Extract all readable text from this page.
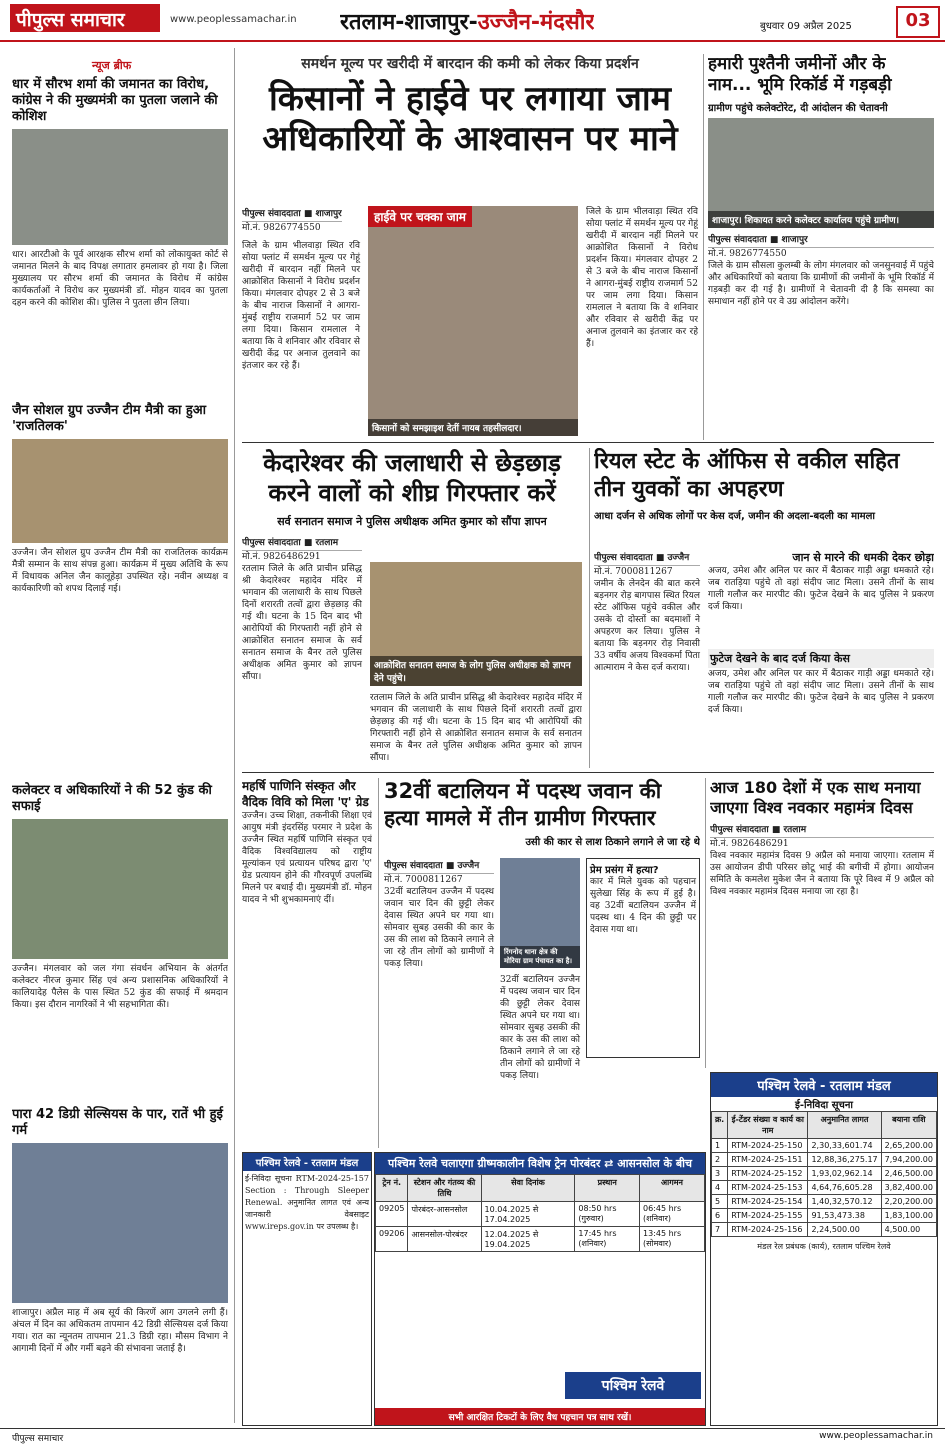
पीपुल्स समाचार	www.peoplessamachar.in रतलाम-शाजापुर-उज्जैन-मंदसौर	बुधवार 09 अप्रैल 2025	03
न्यूज ब्रीफ
धार में सौरभ शर्मा की जमानत का विरोध, कांग्रेस ने की मुख्यमंत्री का पुतला जलाने की कोशिश
धार। आरटीओ के पूर्व आरक्षक सौरभ शर्मा को लोकायुक्त कोर्ट से जमानत मिलने के बाद विपक्ष लगातार हमलावर हो गया है। जिला मुख्यालय पर सौरभ शर्मा की जमानत के विरोध में कांग्रेस कार्यकर्ताओं ने विरोध कर मुख्यमंत्री डॉ. मोहन यादव का पुतला दहन करने की कोशिश की। पुलिस ने पुतला छीन लिया।
जैन सोशल ग्रुप उज्जैन टीम मैत्री का हुआ 'राजतिलक'
उज्जैन। जैन सोशल ग्रुप उज्जैन टीम मैत्री का राजतिलक कार्यक्रम मैत्री सम्मान के साथ संपन्न हुआ। कार्यक्रम में मुख्य अतिथि के रूप में विधायक अनिल जैन कालूहेड़ा उपस्थित रहे। नवीन अध्यक्ष व कार्यकारिणी को शपथ दिलाई गई।
कलेक्टर व अधिकारियों ने की 52 कुंड की सफाई
उज्जैन। मंगलवार को जल गंगा संवर्धन अभियान के अंतर्गत कलेक्टर नीरज कुमार सिंह एवं अन्य प्रशासनिक अधिकारियों ने कालियादेह पैलेस के पास स्थित 52 कुंड की सफाई में श्रमदान किया। इस दौरान नागरिकों ने भी सहभागिता की।
पारा 42 डिग्री सेल्सियस के पार, रातें भी हुई गर्म
शाजापुर। अप्रैल माह में अब सूर्य की किरणें आग उगलने लगी हैं। अंचल में दिन का अधिकतम तापमान 42 डिग्री सेल्सियस दर्ज किया गया। रात का न्यूनतम तापमान 21.3 डिग्री रहा। मौसम विभाग ने आगामी दिनों में और गर्मी बढ़ने की संभावना जताई है।
समर्थन मूल्य पर खरीदी में बारदान की कमी को लेकर किया प्रदर्शन
किसानों ने हाईवे पर लगाया जाम अधिकारियों के आश्वासन पर माने
पीपुल्स संवाददाता ■ शाजापुर
मो.नं. 9826774550
जिले के ग्राम भीलवाड़ा स्थित रवि सोया फ्लांट में समर्थन मूल्य पर गेहूं खरीदी में बारदान नहीं मिलने पर आक्रोशित किसानों ने विरोध प्रदर्शन किया। मंगलवार दोपहर 2 से 3 बजे के बीच नाराज किसानों ने आगरा-मुंबई राष्ट्रीय राजमार्ग 52 पर जाम लगा दिया। किसान रामलाल ने बताया कि वे शनिवार और रविवार से खरीदी केंद्र पर अनाज तुलवाने का इंतजार कर रहे हैं।
किसानों को समझाइश देतीं नायब तहसीलदार।
हाईवे पर चक्का जाम	जिले के ग्राम भीलवाड़ा स्थित रवि सोया फ्लांट में समर्थन मूल्य पर गेहूं खरीदी में बारदान नहीं मिलने पर आक्रोशित किसानों ने विरोध प्रदर्शन किया। मंगलवार दोपहर 2 से 3 बजे के बीच नाराज किसानों ने आगरा-मुंबई राष्ट्रीय राजमार्ग 52 पर जाम लगा दिया। किसान रामलाल ने बताया कि वे शनिवार और रविवार से खरीदी केंद्र पर अनाज तुलवाने का इंतजार कर रहे हैं।
हमारी पुश्तैनी जमीनों और के नाम... भूमि रिकॉर्ड में गड़बड़ी
ग्रामीण पहुंचे कलेक्टोरेट, दी आंदोलन की चेतावनी
शाजापुर। शिकायत करने कलेक्टर कार्यालय पहुंचे ग्रामीण।
पीपुल्स संवाददाता ■ शाजापुर
मो.नं. 9826774550
जिले के ग्राम सौसला कुलम्बी के लोग मंगलवार को जनसुनवाई में पहुंचे और अधिकारियों को बताया कि ग्रामीणों की जमीनों के भूमि रिकॉर्ड में गड़बड़ी कर दी गई है। ग्रामीणों ने चेतावनी दी है कि समस्या का समाधान नहीं होने पर वे उग्र आंदोलन करेंगे।
केदारेश्वर की जलाधारी से छेड़छाड़ करने वालों को शीघ्र गिरफ्तार करें
सर्व सनातन समाज ने पुलिस अधीक्षक अमित कुमार को सौंपा ज्ञापन
पीपुल्स संवाददाता ■ रतलाम
मो.नं. 9826486291
रतलाम जिले के अति प्राचीन प्रसिद्ध श्री केदारेश्वर महादेव मंदिर में भगवान की जलाधारी के साथ पिछले दिनों शरारती तत्वों द्वारा छेड़छाड़ की गई थी। घटना के 15 दिन बाद भी आरोपियों की गिरफ्तारी नहीं होने से आक्रोशित सनातन समाज के सर्व सनातन समाज के बैनर तले पुलिस अधीक्षक अमित कुमार को ज्ञापन सौंपा।
आक्रोशित सनातन समाज के लोग पुलिस अधीक्षक को ज्ञापन देने पहुंचे।
रतलाम जिले के अति प्राचीन प्रसिद्ध श्री केदारेश्वर महादेव मंदिर में भगवान की जलाधारी के साथ पिछले दिनों शरारती तत्वों द्वारा छेड़छाड़ की गई थी। घटना के 15 दिन बाद भी आरोपियों की गिरफ्तारी नहीं होने से आक्रोशित सनातन समाज के सर्व सनातन समाज के बैनर तले पुलिस अधीक्षक अमित कुमार को ज्ञापन सौंपा।
रियल स्टेट के ऑफिस से वकील सहित तीन युवकों का अपहरण
आधा दर्जन से अधिक लोगों पर केस दर्ज, जमीन की अदला-बदली का मामला
पीपुल्स संवाददाता ■ उज्जैन
मो.नं. 7000811267
जमीन के लेनदेन की बात करने बड़नगर रोड़ बागपास स्थित रियल स्टेट ऑफिस पहुंचे वकील और उसके दो दोस्तों का बदमाशों ने अपहरण कर लिया। पुलिस ने बताया कि बड़नगर रोड़ निवासी 33 वर्षीय अजय विश्वकर्मा पिता आत्माराम ने केस दर्ज कराया।
जान से मारने की धमकी देकर छोड़ा
अजय, उमेश और अनिल पर कार में बैठाकर गाड़ी अड्डा धमकाते रहे। जब रातड़िया पहुंचे तो वहां संदीप जाट मिला। उसने तीनों के साथ गाली गलौज कर मारपीट की। फुटेज देखने के बाद पुलिस ने प्रकरण दर्ज किया।
फुटेज देखने के बाद दर्ज किया केस
अजय, उमेश और अनिल पर कार में बैठाकर गाड़ी अड्डा धमकाते रहे। जब रातड़िया पहुंचे तो वहां संदीप जाट मिला। उसने तीनों के साथ गाली गलौज कर मारपीट की। फुटेज देखने के बाद पुलिस ने प्रकरण दर्ज किया।
महर्षि पाणिनि संस्कृत और वैदिक विवि को मिला 'ए' ग्रेड
उज्जैन। उच्च शिक्षा, तकनीकी शिक्षा एवं आयुष मंत्री इंदरसिंह परमार ने प्रदेश के उज्जैन स्थित महर्षि पाणिनि संस्कृत एवं वैदिक विश्वविद्यालय को राष्ट्रीय मूल्यांकन एवं प्रत्यायन परिषद द्वारा 'ए' ग्रेड प्रत्यायन होने की गौरवपूर्ण उपलब्धि मिलने पर बधाई दी। मुख्यमंत्री डॉ. मोहन यादव ने भी शुभकामनाएं दीं।
32वीं बटालियन में पदस्थ जवान की हत्या मामले में तीन ग्रामीण गिरफ्तार
उसी की कार से लाश ठिकाने लगाने ले जा रहे थे
पीपुल्स संवाददाता ■ उज्जैन
मो.नं. 7000811267
32वीं बटालियन उज्जैन में पदस्थ जवान चार दिन की छुट्टी लेकर देवास स्थित अपने घर गया था। सोमवार सुबह उसकी की कार के उस की लाश को ठिकाने लगाने ले जा रहे तीन लोगों को ग्रामीणों ने पकड़ लिया।
रिंगनोद थाना क्षेत्र की मोरिया ग्राम पंचायत का है।
32वीं बटालियन उज्जैन में पदस्थ जवान चार दिन की छुट्टी लेकर देवास स्थित अपने घर गया था। सोमवार सुबह उसकी की कार के उस की लाश को ठिकाने लगाने ले जा रहे तीन लोगों को ग्रामीणों ने पकड़ लिया।
प्रेम प्रसंग में हत्या?
कार में मिले युवक को पहचान सुलेखा सिंह के रूप में हुई है। वह 32वीं बटालियन उज्जैन में पदस्थ था। 4 दिन की छुट्टी पर देवास गया था।
आज 180 देशों में एक साथ मनाया जाएगा विश्व नवकार महामंत्र दिवस
पीपुल्स संवाददाता ■ रतलाम
मो.नं. 9826486291
विश्व नवकार महामंत्र दिवस 9 अप्रैल को मनाया जाएगा। रतलाम में उस आयोजन डीपी परिसर छोटू भाई की बगीची में होगा। आयोजन समिति के कमलेश मुकेश जैन ने बताया कि पूरे विश्व में 9 अप्रैल को विश्व नवकार महामंत्र दिवस मनाया जा रहा है।
पश्चिम रेलवे - रतलाम मंडल
ई-निविदा सूचना
क्र.	ई-टेंडर संख्या व कार्य का नाम	अनुमानित लागत	बयाना राशि
1	RTM-2024-25-150	2,30,33,601.74	2,65,200.00
2	RTM-2024-25-151	12,88,36,275.17	7,94,200.00
3	RTM-2024-25-152	1,93,02,962.14	2,46,500.00
4	RTM-2024-25-153	4,64,76,605.28	3,82,400.00
5	RTM-2024-25-154	1,40,32,570.12	2,20,200.00
6	RTM-2024-25-155	91,53,473.38	1,83,100.00
7	RTM-2024-25-156	2,24,500.00	4,500.00
मंडल रेल प्रबंधक (कार्य), रतलाम पश्चिम रेलवे
पश्चिम रेलवे - रतलाम मंडल
ई-निविदा सूचना RTM-2024-25-157 Section : Through Sleeper Renewal. अनुमानित लागत एवं अन्य जानकारी वेबसाइट www.ireps.gov.in पर उपलब्ध है।
पश्चिम रेलवे चलाएगा ग्रीष्मकालीन विशेष ट्रेन पोरबंदर ⇄ आसनसोल के बीच
ट्रेन नं.	स्टेशन और गंतव्य की तिथि	सेवा दिनांक	प्रस्थान	आगमन
09205	पोरबंदर-आसनसोल	10.04.2025 से 17.04.2025	08:50 hrs (गुरुवार)	06:45 hrs (शनिवार)
09206	आसनसोल-पोरबंदर	12.04.2025 से 19.04.2025	17:45 hrs (शनिवार)	13:45 hrs (सोमवार)
पश्चिम रेलवे
सभी आरक्षित टिकटों के लिए वैध पहचान पत्र साथ रखें।
पीपुल्स समाचार	www.peoplessamachar.in
